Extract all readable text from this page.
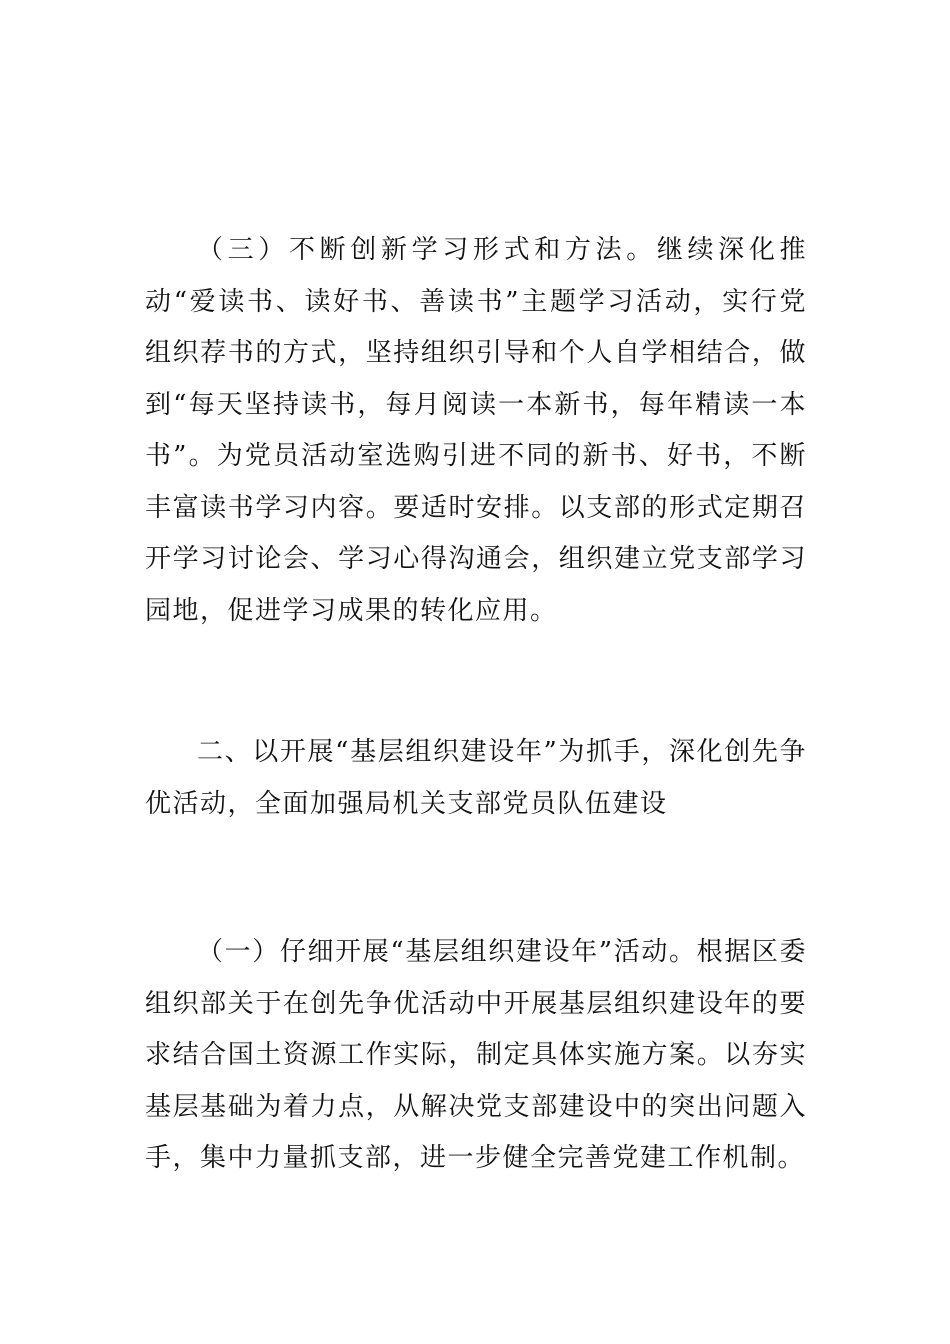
（三）不断创新学习形式和方法。继续深化推动“爱读书、读好书、善读书”主题学习活动，实行党组织荐书的方式，坚持组织引导和个人自学相结合，做到“每天坚持读书，每月阅读一本新书，每年精读一本书”。为党员活动室选购引进不同的新书、好书，不断丰富读书学习内容。要适时安排。以支部的形式定期召开学习讨论会、学习心得沟通会，组织建立党支部学习园地，促进学习成果的转化应用。

二、以开展“基层组织建设年”为抓手，深化创先争优活动，全面加强局机关支部党员队伍建设

（一）仔细开展“基层组织建设年”活动。根据区委组织部关于在创先争优活动中开展基层组织建设年的要求结合国土资源工作实际，制定具体实施方案。以夯实基层基础为着力点，从解决党支部建设中的突出问题入手，集中力量抓支部，进一步健全完善党建工作机制。
